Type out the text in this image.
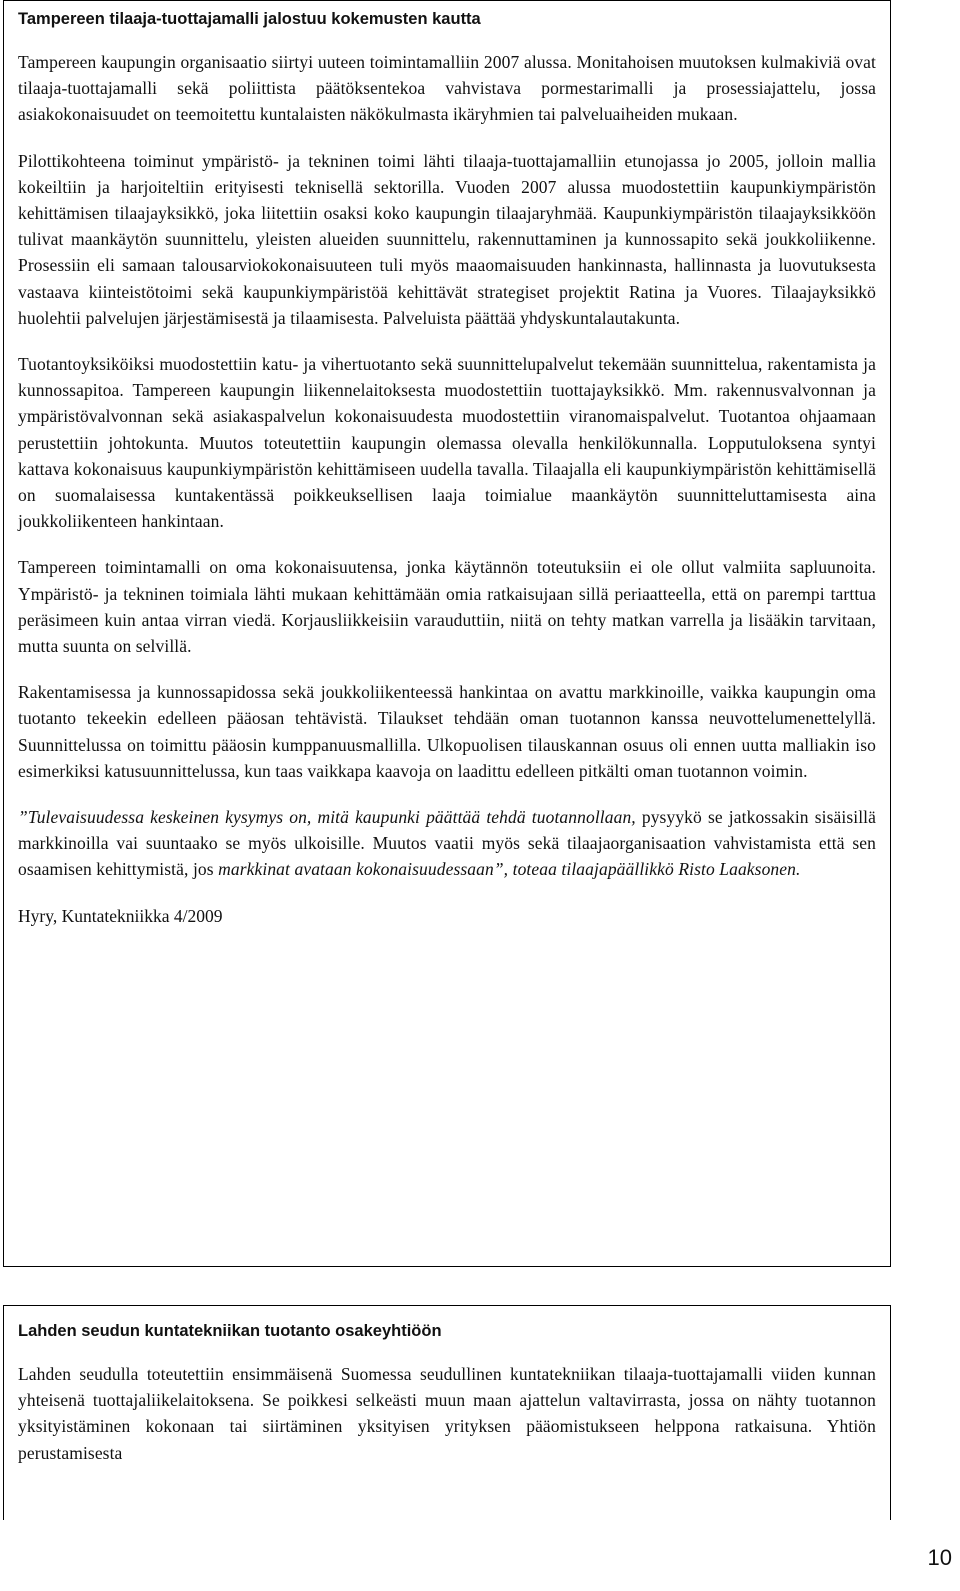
Tampereen tilaaja-tuottajamalli jalostuu kokemusten kautta

Tampereen kaupungin organisaatio siirtyi uuteen toimintamalliin 2007 alussa. Monitahoisen muutoksen kulmakiviä ovat tilaaja-tuottajamalli sekä poliittista päätöksentekoa vahvistava pormestarimalli ja prosessiajattelu, jossa asiakokonaisuudet on teemoitettu kuntalaisten näkökulmasta ikäryhmien tai palveluaiheiden mukaan.

Pilottikohteena toiminut ympäristö- ja tekninen toimi lähti tilaaja-tuottajamalliin etunojassa jo 2005, jolloin mallia kokeiltiin ja harjoiteltiin erityisesti teknisellä sektorilla. Vuoden 2007 alussa muodostettiin kaupunkiympäristön kehittämisen tilaajayksikkö, joka liitettiin osaksi koko kaupungin tilaajaryhmää. Kaupunkiympäristön tilaajayksikköön tulivat maankäytön suunnittelu, yleisten alueiden suunnittelu, rakennuttaminen ja kunnossapito sekä joukkoliikenne. Prosessiin eli samaan talousarviokokonaisuuteen tuli myös maaomaisuuden hankinnasta, hallinnasta ja luovutuksesta vastaava kiinteistötoimi sekä kaupunkiympäristöä kehittävät strategiset projektit Ratina ja Vuores. Tilaajayksikkö huolehtii palvelujen järjestämisestä ja tilaamisesta. Palveluista päättää yhdyskuntalautakunta.

Tuotantoyksiköiksi muodostettiin katu- ja vihertuotanto sekä suunnittelupalvelut tekemään suunnittelua, rakentamista ja kunnossapitoa. Tampereen kaupungin liikennelaitoksesta muodostettiin tuottajayksikkö. Mm. rakennusvalvonnan ja ympäristövalvonnan sekä asiakaspalvelun kokonaisuudesta muodostettiin viranomaispalvelut. Tuotantoa ohjaamaan perustettiin johtokunta. Muutos toteutettiin kaupungin olemassa olevalla henkilökunnalla. Lopputuloksena syntyi kattava kokonaisuus kaupunkiympäristön kehittämiseen uudella tavalla. Tilaajalla eli kaupunkiympäristön kehittämisellä on suomalaisessa kuntakentässä poikkeuksellisen laaja toimialue maankäytön suunnitteluttamisesta aina joukkoliikenteen hankintaan.

Tampereen toimintamalli on oma kokonaisuutensa, jonka käytännön toteutuksiin ei ole ollut valmiita sapluunoita. Ympäristö- ja tekninen toimiala lähti mukaan kehittämään omia ratkaisujaan sillä periaatteella, että on parempi tarttua peräsimeen kuin antaa virran viedä. Korjausliikkeisiin varauduttiin, niitä on tehty matkan varrella ja lisääkin tarvitaan, mutta suunta on selvillä.

Rakentamisessa ja kunnossapidossa sekä joukkoliikenteessä hankintaa on avattu markkinoille, vaikka kaupungin oma tuotanto tekeekin edelleen pääosan tehtävistä. Tilaukset tehdään oman tuotannon kanssa neuvottelumenettelyllä. Suunnittelussa on toimittu pääosin kumppanuusmallilla. Ulkopuolisen tilauskannan osuus oli ennen uutta malliakin iso esimerkiksi katusuunnittelussa, kun taas vaikkapa kaavoja on laadittu edelleen pitkälti oman tuotannon voimin.

”Tulevaisuudessa keskeinen kysymys on, mitä kaupunki päättää tehdä tuotannollaan, pysyykö se jatkossakin sisäisillä markkinoilla vai suuntaako se myös ulkoisille. Muutos vaatii myös sekä tilaajaorganisaation vahvistamista että sen osaamisen kehittymistä, jos markkinat avataan kokonaisuudessaan”, toteaa tilaajapäällikkö Risto Laaksonen.

Hyry, Kuntatekniikka 4/2009
Lahden seudun kuntatekniikan tuotanto osakeyhtiöön

Lahden seudulla toteutettiin ensimmäisenä Suomessa seudullinen kuntatekniikan tilaaja-tuottajamalli viiden kunnan yhteisenä tuottajaliikelaitoksena. Se poikkesi selkeästi muun maan ajattelun valtavirrasta, jossa on nähty tuotannon yksityistäminen kokonaan tai siirtäminen yksityisen yrityksen pääomistukseen helppona ratkaisuna. Yhtiön perustamisesta

10
